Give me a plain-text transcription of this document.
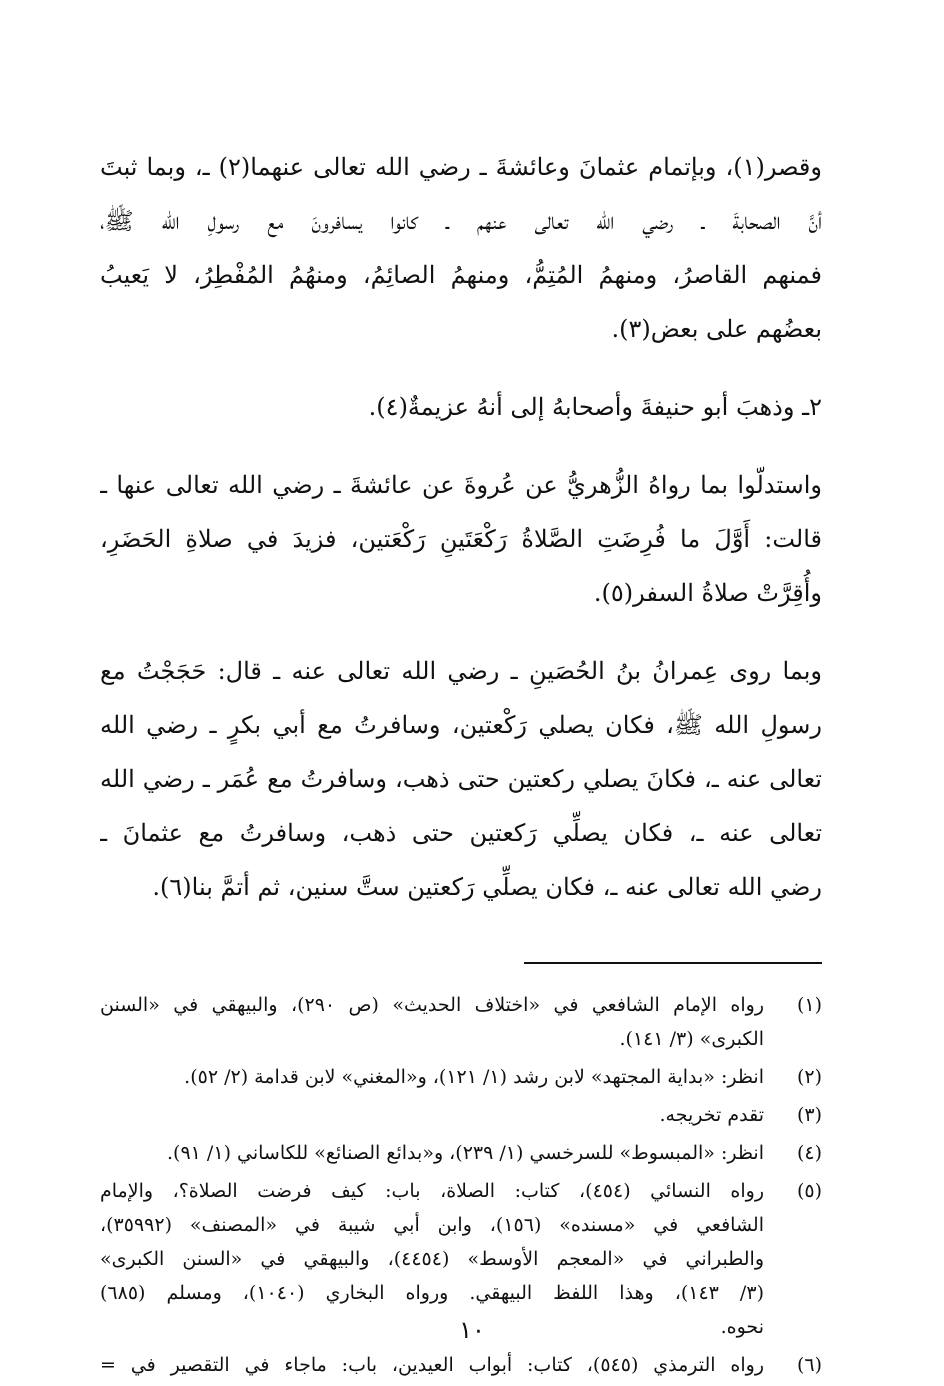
وقصر(١)، وبإتمام عثمانَ وعائشةَ ـ رضي الله تعالى عنهما(٢) ـ، وبما ثبتَ
أنَّ الصحابةَ ـ رضي الله تعالى عنهم ـ كانوا يسافرونَ مع رسولِ الله ﷺ،
فمنهم القاصرُ، ومنهمُ المُتِمُّ، ومنهمُ الصائِمُ، ومنهُمُ المُفْطِرُ، لا يَعيبُ
بعضُهم على بعض(٣).
٢ـ وذهبَ أبو حنيفةَ وأصحابهُ إلى أنهُ عزيمةٌ(٤).
واستدلّوا بما رواهُ الزُّهريُّ عن عُروةَ عن عائشةَ ـ رضي الله تعالى عنها ـ
قالت: أَوَّلَ ما فُرِضَتِ الصَّلاةُ رَكْعَتَينِ رَكْعَتين، فزيدَ في صلاةِ الحَضَرِ،
وأُقِرَّتْ صلاةُ السفر(٥).
وبما روى عِمرانُ بنُ الحُصَينِ ـ رضي الله تعالى عنه ـ قال: حَجَجْتُ مع
رسولِ الله ﷺ، فكان يصلي رَكْعتين، وسافرتُ مع أبي بكرٍ ـ رضي الله
تعالى عنه ـ، فكانَ يصلي ركعتين حتى ذهب، وسافرتُ مع عُمَر ـ رضي الله
تعالى عنه ـ، فكان يصلِّي رَكعتين حتى ذهب، وسافرتُ مع عثمانَ ـ
رضي الله تعالى عنه ـ، فكان يصلِّي رَكعتين ستَّ سنين، ثم أتمَّ بنا(٦).
(١)
رواه الإمام الشافعي في «اختلاف الحديث» (ص ٢٩٠)، والبيهقي في «السنن
الكبرى» (٣/ ١٤١).
(٢)
انظر: «بداية المجتهد» لابن رشد (١/ ١٢١)، و«المغني» لابن قدامة (٢/ ٥٢).
(٣)
تقدم تخريجه.
(٤)
انظر: «المبسوط» للسرخسي (١/ ٢٣٩)، و«بدائع الصنائع» للكاساني (١/ ٩١).
(٥)
رواه النسائي (٤٥٤)، كتاب: الصلاة، باب: كيف فرضت الصلاة؟، والإمام
الشافعي في «مسنده» (١٥٦)، وابن أبي شيبة في «المصنف» (٣٥٩٩٢)،
والطبراني في «المعجم الأوسط» (٤٤٥٤)، والبيهقي في «السنن الكبرى»
(٣/ ١٤٣)، وهذا اللفظ البيهقي. ورواه البخاري (١٠٤٠)، ومسلم (٦٨٥)
نحوه.
(٦)
رواه الترمذي (٥٤٥)، كتاب: أبواب العيدين، باب: ماجاء في التقصير في =
١٠
